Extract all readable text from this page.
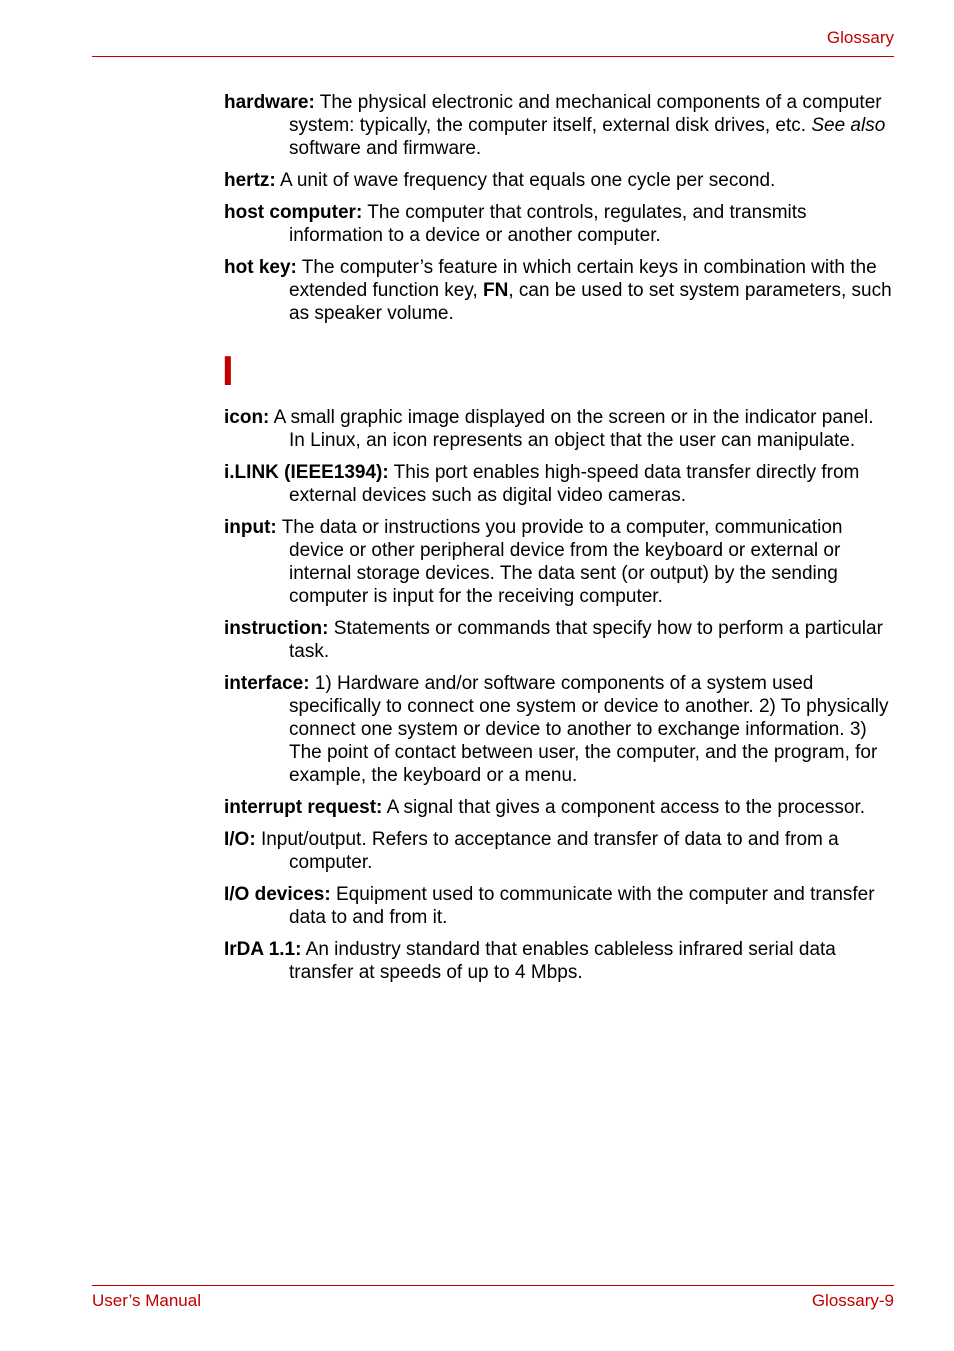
Glossary

hardware: The physical electronic and mechanical components of a computer system: typically, the computer itself, external disk drives, etc. See also software and firmware.

hertz: A unit of wave frequency that equals one cycle per second.

host computer: The computer that controls, regulates, and transmits information to a device or another computer.

hot key: The computer’s feature in which certain keys in combination with the extended function key, FN, can be used to set system parameters, such as speaker volume.

I

icon: A small graphic image displayed on the screen or in the indicator panel. In Linux, an icon represents an object that the user can manipulate.

i.LINK (IEEE1394): This port enables high-speed data transfer directly from external devices such as digital video cameras.

input: The data or instructions you provide to a computer, communication device or other peripheral device from the keyboard or external or internal storage devices. The data sent (or output) by the sending computer is input for the receiving computer.

instruction: Statements or commands that specify how to perform a particular task.

interface: 1) Hardware and/or software components of a system used specifically to connect one system or device to another. 2) To physically connect one system or device to another to exchange information. 3) The point of contact between user, the computer, and the program, for example, the keyboard or a menu.

interrupt request: A signal that gives a component access to the processor.

I/O: Input/output. Refers to acceptance and transfer of data to and from a computer.

I/O devices: Equipment used to communicate with the computer and transfer data to and from it.

IrDA 1.1: An industry standard that enables cableless infrared serial data transfer at speeds of up to 4 Mbps.

User’s Manual	Glossary-9
